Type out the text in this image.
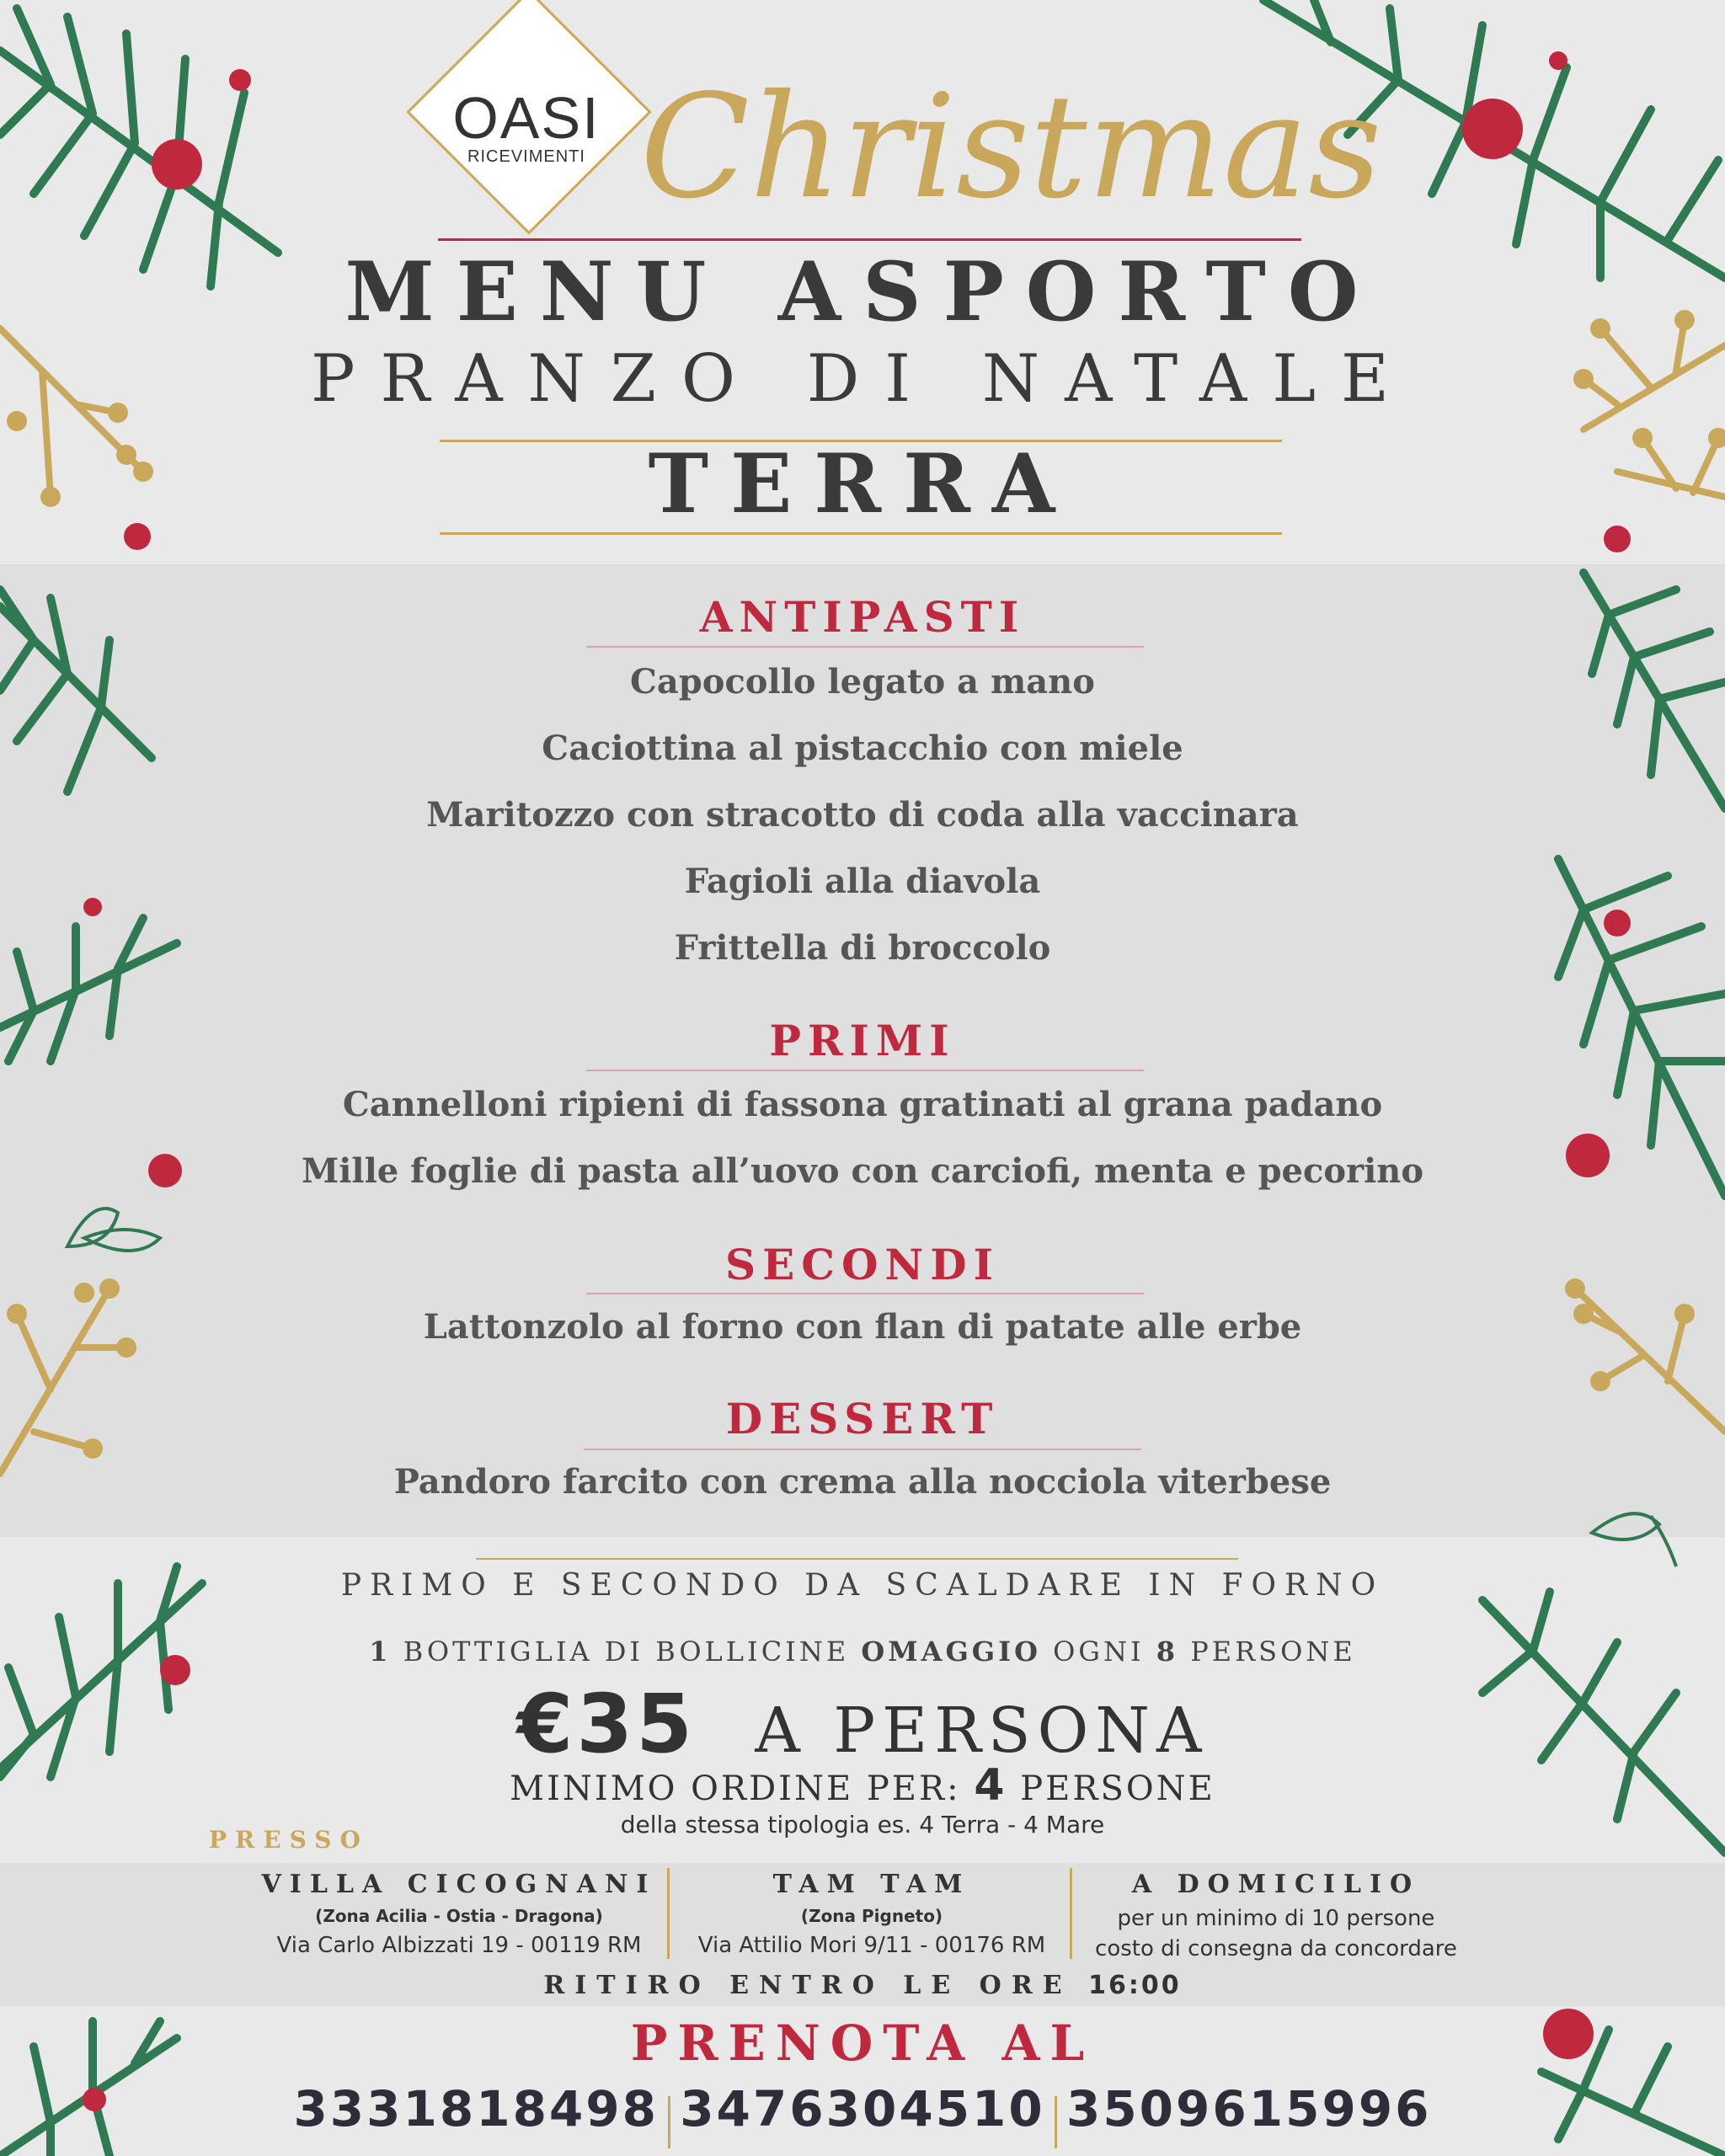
OASI
RICEVIMENTI Christmas
MENU ASPORTO
PRANZO DI NATALE
TERRA
ANTIPASTI
Capocollo legato a mano
Caciottina al pistacchio con miele
Maritozzo con stracotto di coda alla vaccinara
Fagioli alla diavola
Frittella di broccolo
PRIMI
Cannelloni ripieni di fassona gratinati al grana padano
Mille foglie di pasta all’uovo con carciofi, menta e pecorino
SECONDI
Lattonzolo al forno con flan di patate alle erbe
DESSERT
Pandoro farcito con crema alla nocciola viterbese
PRIMO E SECONDO DA SCALDARE IN FORNO
1 BOTTIGLIA DI BOLLICINE OMAGGIO OGNI 8 PERSONE
€35 A PERSONA
MINIMO ORDINE PER: 4 PERSONE
della stessa tipologia es. 4 Terra - 4 Mare
PRESSO
VILLA CICOGNANI
(Zona Acilia - Ostia - Dragona)
Via Carlo Albizzati 19 - 00119 RM
TAM TAM
(Zona Pigneto)
Via Attilio Mori 9/11 - 00176 RM
A DOMICILIO
per un minimo di 10 persone
costo di consegna da concordare
RITIRO ENTRO LE ORE 16:00
PRENOTA AL
3331818498 3476304510 3509615996
